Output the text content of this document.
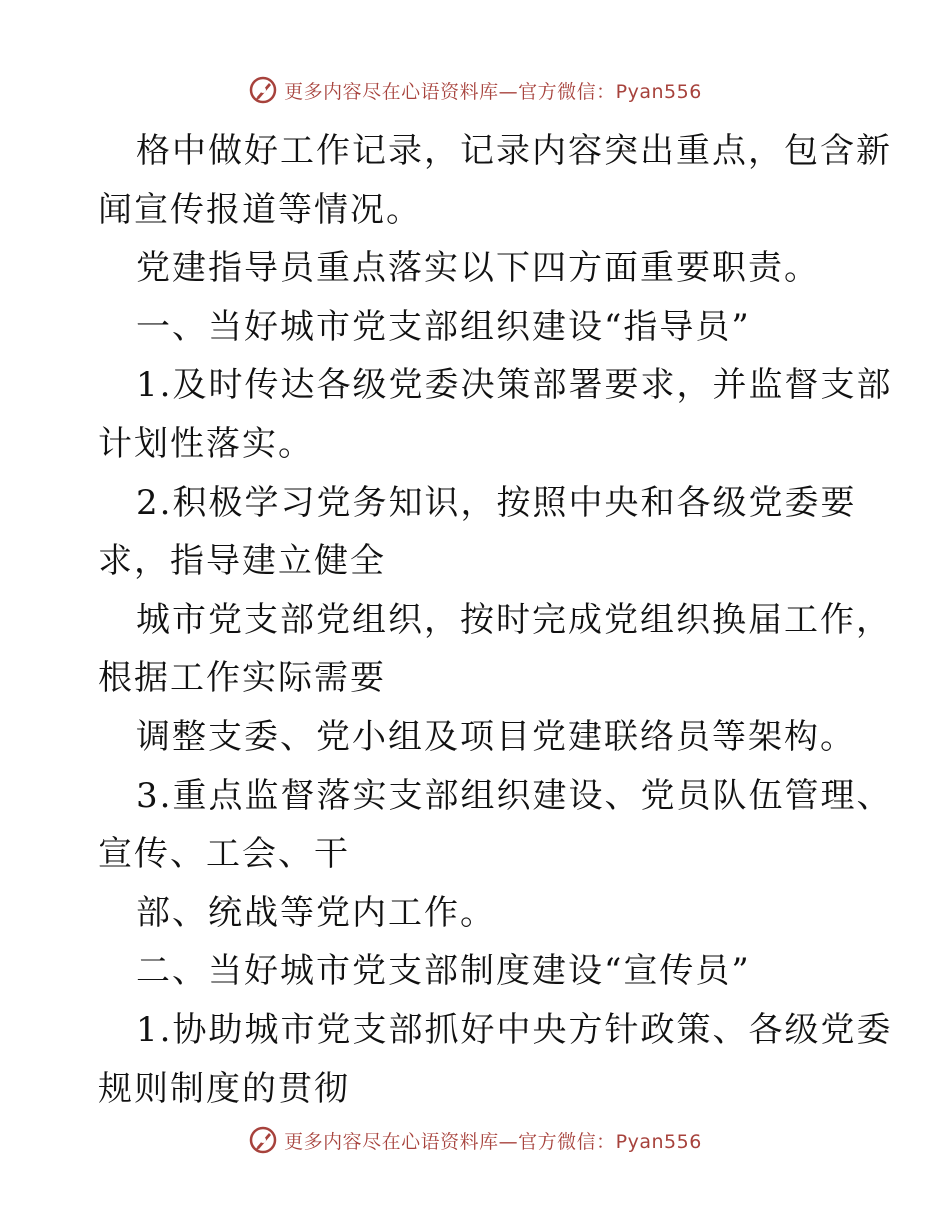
更多内容尽在心语资料库—官方微信：Pyan556
格中做好工作记录，记录内容突出重点，包含新
闻宣传报道等情况。
党建指导员重点落实以下四方面重要职责。
一、当好城市党支部组织建设“指导员”
1.及时传达各级党委决策部署要求，并监督支部
计划性落实。
2.积极学习党务知识，按照中央和各级党委要
求，指导建立健全
城市党支部党组织，按时完成党组织换届工作，
根据工作实际需要
调整支委、党小组及项目党建联络员等架构。
3.重点监督落实支部组织建设、党员队伍管理、
宣传、工会、干
部、统战等党内工作。
二、当好城市党支部制度建设“宣传员”
1.协助城市党支部抓好中央方针政策、各级党委
规则制度的贯彻
更多内容尽在心语资料库—官方微信：Pyan556
